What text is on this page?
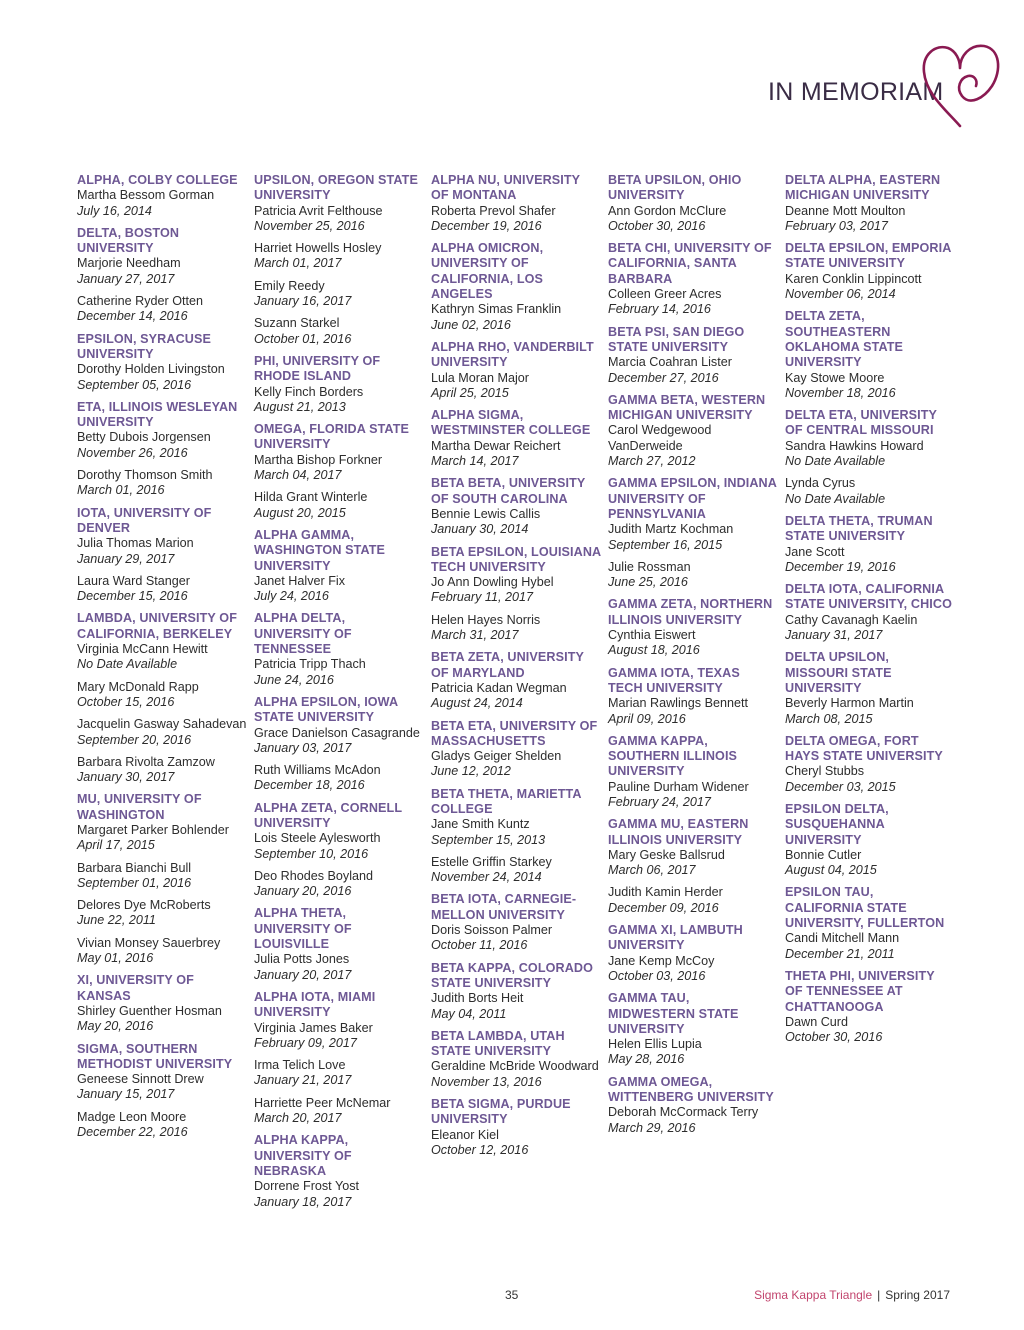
IN MEMORIAM
ALPHA, COLBY COLLEGE
Martha Bessom Gorman
July 16, 2014
DELTA, BOSTON UNIVERSITY
Marjorie Needham
January 27, 2017
Catherine Ryder Otten
December 14, 2016
EPSILON, SYRACUSE UNIVERSITY
Dorothy Holden Livingston
September 05, 2016
ETA, ILLINOIS WESLEYAN UNIVERSITY
Betty Dubois Jorgensen
November 26, 2016
Dorothy Thomson Smith
March 01, 2016
IOTA, UNIVERSITY OF DENVER
Julia Thomas Marion
January 29, 2017
Laura Ward Stanger
December 15, 2016
LAMBDA, UNIVERSITY OF CALIFORNIA, BERKELEY
Virginia McCann Hewitt
No Date Available
Mary McDonald Rapp
October 15, 2016
Jacquelin Gasway Sahadevan
September 20, 2016
Barbara Rivolta Zamzow
January 30, 2017
MU, UNIVERSITY OF WASHINGTON
Margaret Parker Bohlender
April 17, 2015
Barbara Bianchi Bull
September 01, 2016
Delores Dye McRoberts
June 22, 2011
Vivian Monsey Sauerbrey
May 01, 2016
XI, UNIVERSITY OF KANSAS
Shirley Guenther Hosman
May 20, 2016
SIGMA, SOUTHERN METHODIST UNIVERSITY
Geneese Sinnott Drew
January 15, 2017
Madge Leon Moore
December 22, 2016
UPSILON, OREGON STATE UNIVERSITY
Patricia Avrit Felthouse
November 25, 2016
Harriet Howells Hosley
March 01, 2017
Emily Reedy
January 16, 2017
Suzann Starkel
October 01, 2016
PHI, UNIVERSITY OF RHODE ISLAND
Kelly Finch Borders
August 21, 2013
OMEGA, FLORIDA STATE UNIVERSITY
Martha Bishop Forkner
March 04, 2017
Hilda Grant Winterle
August 20, 2015
ALPHA GAMMA, WASHINGTON STATE UNIVERSITY
Janet Halver Fix
July 24, 2016
ALPHA DELTA, UNIVERSITY OF TENNESSEE
Patricia Tripp Thach
June 24, 2016
ALPHA EPSILON, IOWA STATE UNIVERSITY
Grace Danielson Casagrande
January 03, 2017
Ruth Williams McAdon
December 18, 2016
ALPHA ZETA, CORNELL UNIVERSITY
Lois Steele Aylesworth
September 10, 2016
Deo Rhodes Boyland
January 20, 2016
ALPHA THETA, UNIVERSITY OF LOUISVILLE
Julia Potts Jones
January 20, 2017
ALPHA IOTA, MIAMI UNIVERSITY
Virginia James Baker
February 09, 2017
Irma Telich Love
January 21, 2017
Harriette Peer McNemar
March 20, 2017
ALPHA KAPPA, UNIVERSITY OF NEBRASKA
Dorrene Frost Yost
January 18, 2017
ALPHA NU, UNIVERSITY OF MONTANA
Roberta Prevol Shafer
December 19, 2016
ALPHA OMICRON, UNIVERSITY OF CALIFORNIA, LOS ANGELES
Kathryn Simas Franklin
June 02, 2016
ALPHA RHO, VANDERBILT UNIVERSITY
Lula Moran Major
April 25, 2015
ALPHA SIGMA, WESTMINSTER COLLEGE
Martha Dewar Reichert
March 14, 2017
BETA BETA, UNIVERSITY OF SOUTH CAROLINA
Bennie Lewis Callis
January 30, 2014
BETA EPSILON, LOUISIANA TECH UNIVERSITY
Jo Ann Dowling Hybel
February 11, 2017
Helen Hayes Norris
March 31, 2017
BETA ZETA, UNIVERSITY OF MARYLAND
Patricia Kadan Wegman
August 24, 2014
BETA ETA, UNIVERSITY OF MASSACHUSETTS
Gladys Geiger Shelden
June 12, 2012
BETA THETA, MARIETTA COLLEGE
Jane Smith Kuntz
September 15, 2013
Estelle Griffin Starkey
November 24, 2014
BETA IOTA, CARNEGIE-MELLON UNIVERSITY
Doris Soisson Palmer
October 11, 2016
BETA KAPPA, COLORADO STATE UNIVERSITY
Judith Borts Heit
May 04, 2011
BETA LAMBDA, UTAH STATE UNIVERSITY
Geraldine McBride Woodward
November 13, 2016
BETA SIGMA, PURDUE UNIVERSITY
Eleanor Kiel
October 12, 2016
BETA UPSILON, OHIO UNIVERSITY
Ann Gordon McClure
October 30, 2016
BETA CHI, UNIVERSITY OF CALIFORNIA, SANTA BARBARA
Colleen Greer Acres
February 14, 2016
BETA PSI, SAN DIEGO STATE UNIVERSITY
Marcia Coahran Lister
December 27, 2016
GAMMA BETA, WESTERN MICHIGAN UNIVERSITY
Carol Wedgewood VanDerweide
March 27, 2012
GAMMA EPSILON, INDIANA UNIVERSITY OF PENNSYLVANIA
Judith Martz Kochman
September 16, 2015
Julie Rossman
June 25, 2016
GAMMA ZETA, NORTHERN ILLINOIS UNIVERSITY
Cynthia Eiswert
August 18, 2016
GAMMA IOTA, TEXAS TECH UNIVERSITY
Marian Rawlings Bennett
April 09, 2016
GAMMA KAPPA, SOUTHERN ILLINOIS UNIVERSITY
Pauline Durham Widener
February 24, 2017
GAMMA MU, EASTERN ILLINOIS UNIVERSITY
Mary Geske Ballsrud
March 06, 2017
Judith Kamin Herder
December 09, 2016
GAMMA XI, LAMBUTH UNIVERSITY
Jane Kemp McCoy
October 03, 2016
GAMMA TAU, MIDWESTERN STATE UNIVERSITY
Helen Ellis Lupia
May 28, 2016
GAMMA OMEGA, WITTENBERG UNIVERSITY
Deborah McCormack Terry
March 29, 2016
DELTA ALPHA, EASTERN MICHIGAN UNIVERSITY
Deanne Mott Moulton
February 03, 2017
DELTA EPSILON, EMPORIA STATE UNIVERSITY
Karen Conklin Lippincott
November 06, 2014
DELTA ZETA, SOUTHEASTERN OKLAHOMA STATE UNIVERSITY
Kay Stowe Moore
November 18, 2016
DELTA ETA, UNIVERSITY OF CENTRAL MISSOURI
Sandra Hawkins Howard
No Date Available
Lynda Cyrus
No Date Available
DELTA THETA, TRUMAN STATE UNIVERSITY
Jane Scott
December 19, 2016
DELTA IOTA, CALIFORNIA STATE UNIVERSITY, CHICO
Cathy Cavanagh Kaelin
January 31, 2017
DELTA UPSILON, MISSOURI STATE UNIVERSITY
Beverly Harmon Martin
March 08, 2015
DELTA OMEGA, FORT HAYS STATE UNIVERSITY
Cheryl Stubbs
December 03, 2015
EPSILON DELTA, SUSQUEHANNA UNIVERSITY
Bonnie Cutler
August 04, 2015
EPSILON TAU, CALIFORNIA STATE UNIVERSITY, FULLERTON
Candi Mitchell Mann
December 21, 2011
THETA PHI, UNIVERSITY OF TENNESSEE AT CHATTANOOGA
Dawn Curd
October 30, 2016
35	Sigma Kappa Triangle | Spring 2017
